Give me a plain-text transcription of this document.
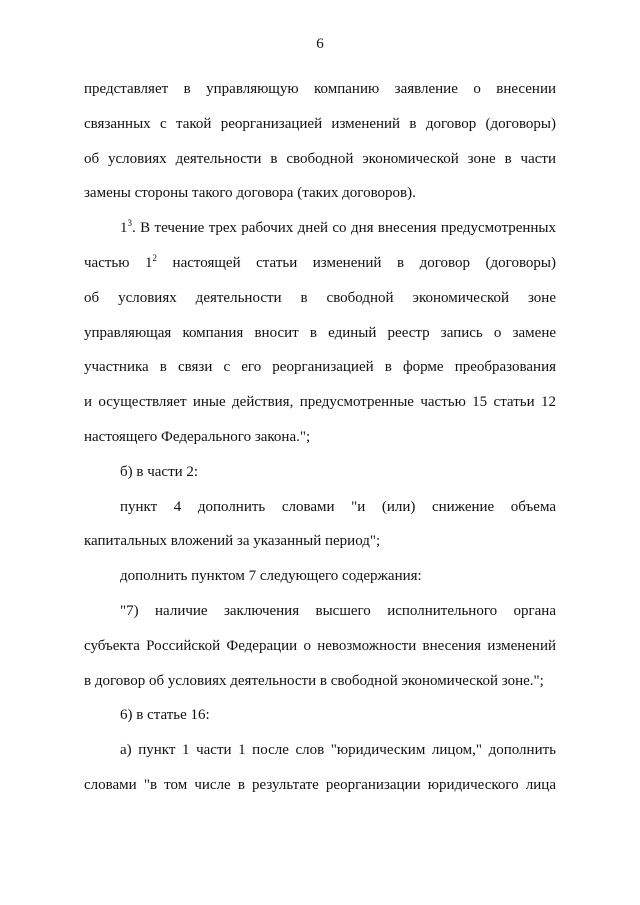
6

представляет в управляющую компанию заявление о внесении
связанных с такой реорганизацией изменений в договор (договоры)
об условиях деятельности в свободной экономической зоне в части
замены стороны такого договора (таких договоров).

$1^3$. В течение трех рабочих дней со дня внесения предусмотренных
частью $1^2$ настоящей статьи изменений в договор (договоры)
об условиях деятельности в свободной экономической зоне
управляющая компания вносит в единый реестр запись о замене
участника в связи с его реорганизацией в форме преобразования
и осуществляет иные действия, предусмотренные частью 15 статьи 12
настоящего Федерального закона.";

б) в части 2:

пункт 4 дополнить словами "и (или) снижение объема
капитальных вложений за указанный период";

дополнить пунктом 7 следующего содержания:

"7) наличие заключения высшего исполнительного органа
субъекта Российской Федерации о невозможности внесения изменений
в договор об условиях деятельности в свободной экономической зоне.";

6) в статье 16:

а) пункт 1 части 1 после слов "юридическим лицом," дополнить
словами "в том числе в результате реорганизации юридического лица
